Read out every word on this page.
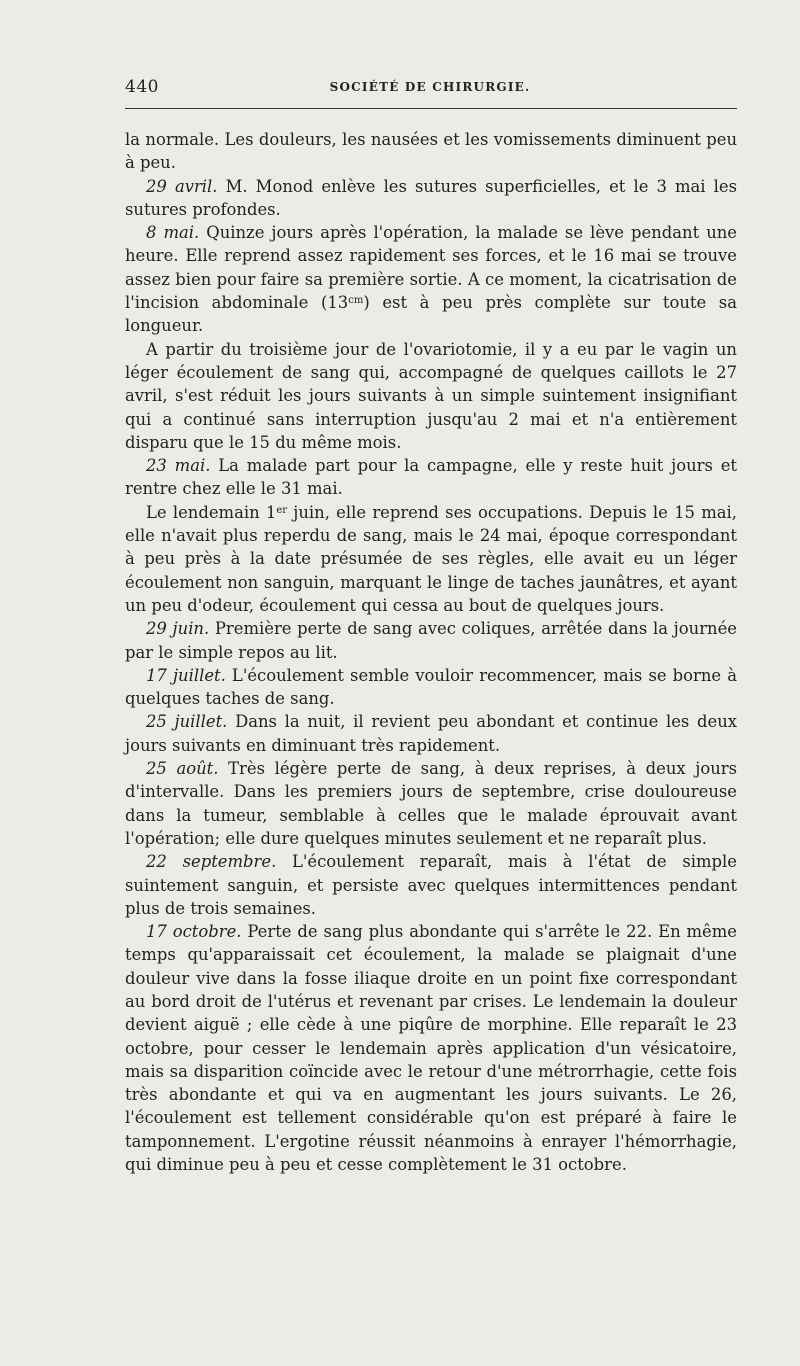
440	SOCIÉTÉ DE CHIRURGIE.

la normale. Les douleurs, les nausées et les vomissements diminuent peu à peu.

29 avril. M. Monod enlève les sutures superficielles, et le 3 mai les sutures profondes.

8 mai. Quinze jours après l'opération, la malade se lève pendant une heure. Elle reprend assez rapidement ses forces, et le 16 mai se trouve assez bien pour faire sa première sortie. A ce moment, la cicatrisation de l'incision abdominale $(13^{cm})$ est à peu près complète sur toute sa longueur.

A partir du troisième jour de l'ovariotomie, il y a eu par le vagin un léger écoulement de sang qui, accompagné de quelques caillots le 27 avril, s'est réduit les jours suivants à un simple suintement insignifiant qui a continué sans interruption jusqu'au 2 mai et n'a entièrement disparu que le 15 du même mois.

23 mai. La malade part pour la campagne, elle y reste huit jours et rentre chez elle le 31 mai.

Le lendemain 1er juin, elle reprend ses occupations. Depuis le 15 mai, elle n'avait plus reperdu de sang, mais le 24 mai, époque correspondant à peu près à la date présumée de ses règles, elle avait eu un léger écoulement non sanguin, marquant le linge de taches jaunâtres, et ayant un peu d'odeur, écoulement qui cessa au bout de quelques jours.

29 juin. Première perte de sang avec coliques, arrêtée dans la journée par le simple repos au lit.

17 juillet. L'écoulement semble vouloir recommencer, mais se borne à quelques taches de sang.

25 juillet. Dans la nuit, il revient peu abondant et continue les deux jours suivants en diminuant très rapidement.

25 août. Très légère perte de sang, à deux reprises, à deux jours d'intervalle. Dans les premiers jours de septembre, crise douloureuse dans la tumeur, semblable à celles que le malade éprouvait avant l'opération; elle dure quelques minutes seulement et ne reparaît plus.

22 septembre. L'écoulement reparaît, mais à l'état de simple suintement sanguin, et persiste avec quelques intermittences pendant plus de trois semaines.

17 octobre. Perte de sang plus abondante qui s'arrête le 22. En même temps qu'apparaissait cet écoulement, la malade se plaignait d'une douleur vive dans la fosse iliaque droite en un point fixe correspondant au bord droit de l'utérus et revenant par crises. Le lendemain la douleur devient aiguë ; elle cède à une piqûre de morphine. Elle reparaît le 23 octobre, pour cesser le lendemain après application d'un vésicatoire, mais sa disparition coïncide avec le retour d'une métrorrhagie, cette fois très abondante et qui va en augmentant les jours suivants. Le 26, l'écoulement est tellement considérable qu'on est préparé à faire le tamponnement. L'ergotine réussit néanmoins à enrayer l'hémorrhagie, qui diminue peu à peu et cesse complètement le 31 octobre.
